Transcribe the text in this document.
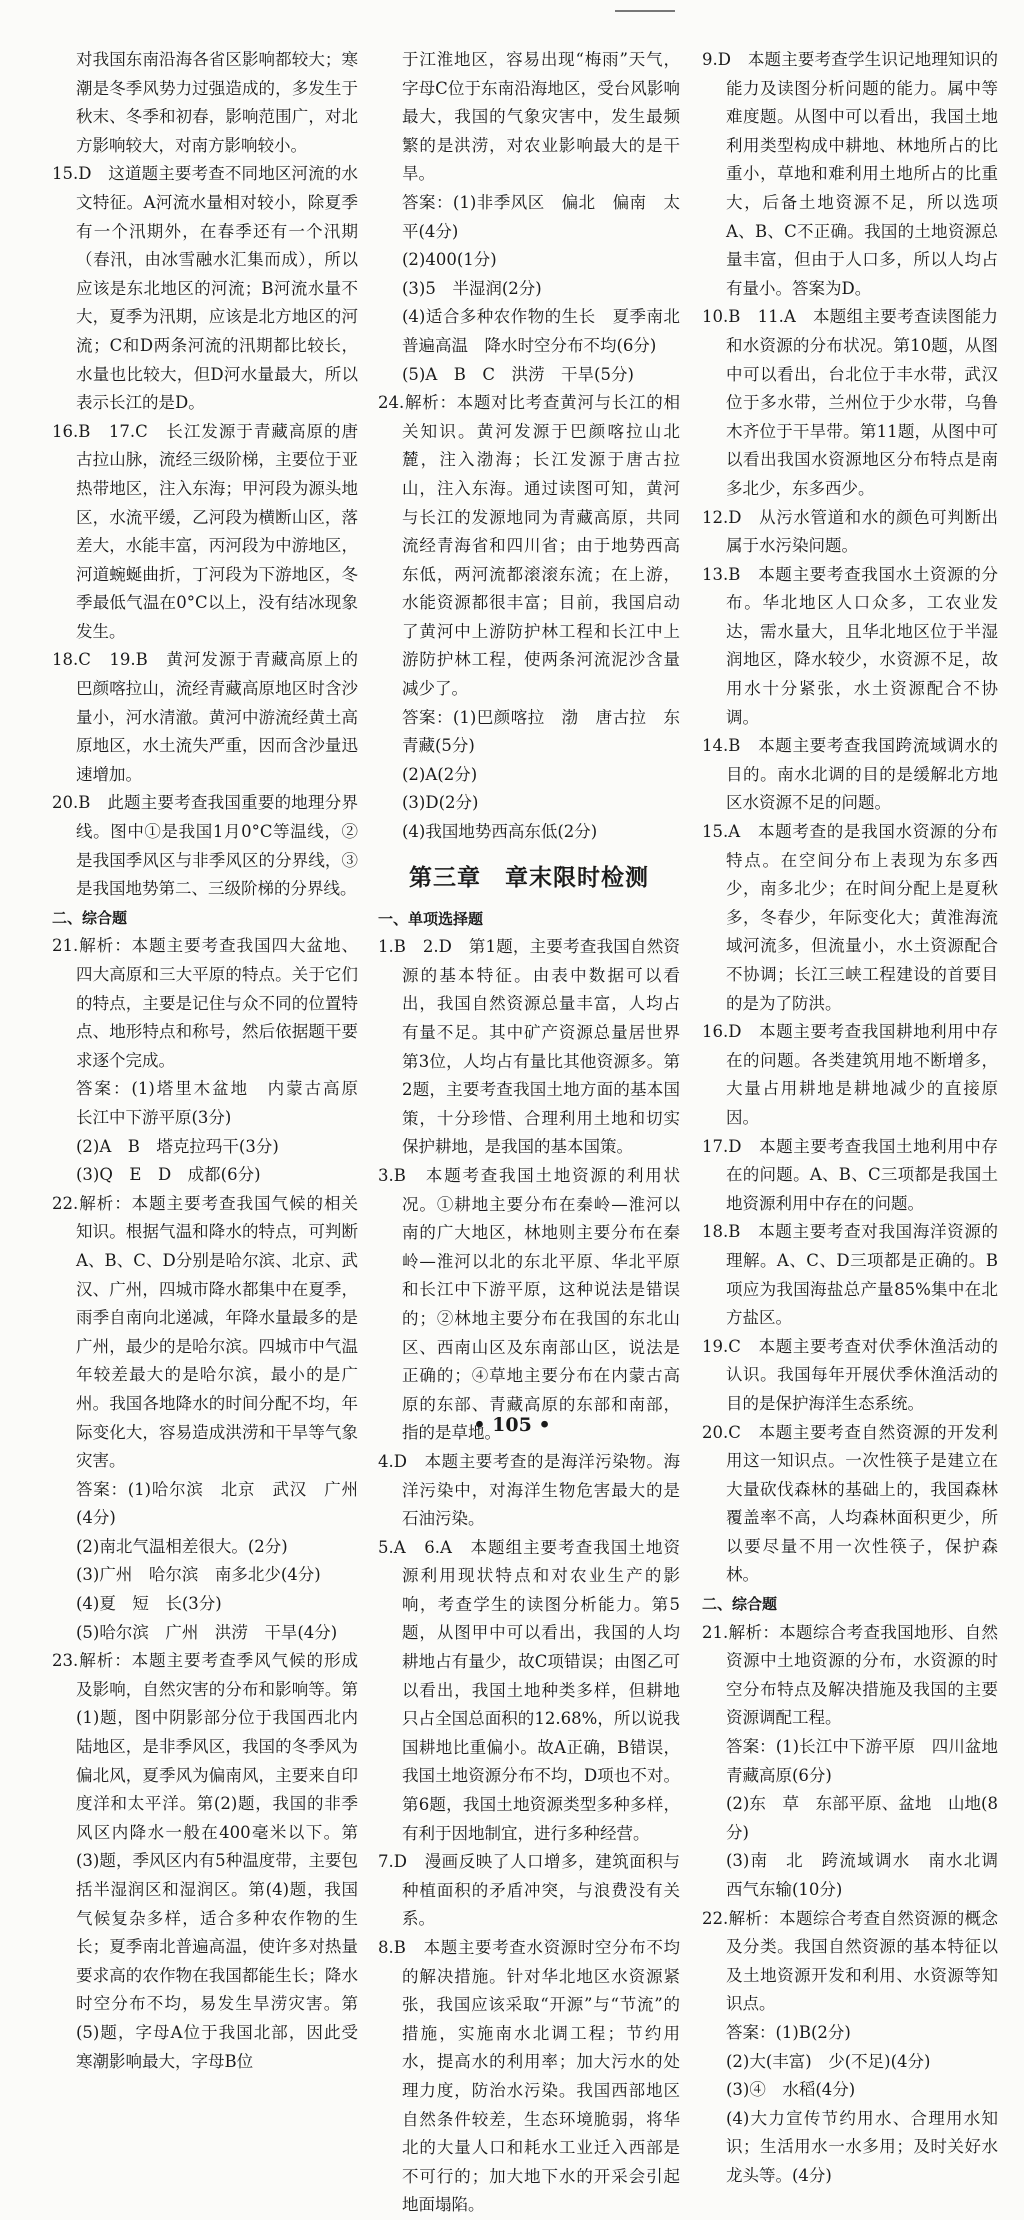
对我国东南沿海各省区影响都较大；寒潮是冬季风势力过强造成的，多发生于秋末、冬季和初春，影响范围广，对北方影响较大，对南方影响较小。
15.D　这道题主要考查不同地区河流的水文特征。A河流水量相对较小，除夏季有一个汛期外，在春季还有一个汛期（春汛，由冰雪融水汇集而成），所以应该是东北地区的河流；B河流水量不大，夏季为汛期，应该是北方地区的河流；C和D两条河流的汛期都比较长，水量也比较大，但D河水量最大，所以表示长江的是D。
16.B　17.C　长江发源于青藏高原的唐古拉山脉，流经三级阶梯，主要位于亚热带地区，注入东海；甲河段为源头地区，水流平缓，乙河段为横断山区，落差大，水能丰富，丙河段为中游地区，河道蜿蜒曲折，丁河段为下游地区，冬季最低气温在0°C以上，没有结冰现象发生。
18.C　19.B　黄河发源于青藏高原上的巴颜喀拉山，流经青藏高原地区时含沙量小，河水清澈。黄河中游流经黄土高原地区，水土流失严重，因而含沙量迅速增加。
20.B　此题主要考查我国重要的地理分界线。图中①是我国1月0°C等温线，②是我国季风区与非季风区的分界线，③是我国地势第二、三级阶梯的分界线。
二、综合题
21.解析：本题主要考查我国四大盆地、四大高原和三大平原的特点。关于它们的特点，主要是记住与众不同的位置特点、地形特点和称号，然后依据题干要求逐个完成。
答案：(1)塔里木盆地　内蒙古高原　长江中下游平原(3分)
(2)A　B　塔克拉玛干(3分)
(3)Q　E　D　成都(6分)
22.解析：本题主要考查我国气候的相关知识。根据气温和降水的特点，可判断A、B、C、D分别是哈尔滨、北京、武汉、广州，四城市降水都集中在夏季，雨季自南向北递减，年降水量最多的是广州，最少的是哈尔滨。四城市中气温年较差最大的是哈尔滨，最小的是广州。我国各地降水的时间分配不均，年际变化大，容易造成洪涝和干旱等气象灾害。
答案：(1)哈尔滨　北京　武汉　广州(4分)
(2)南北气温相差很大。(2分)
(3)广州　哈尔滨　南多北少(4分)
(4)夏　短　长(3分)
(5)哈尔滨　广州　洪涝　干旱(4分)
23.解析：本题主要考查季风气候的形成及影响，自然灾害的分布和影响等。第(1)题，图中阴影部分位于我国西北内陆地区，是非季风区，我国的冬季风为偏北风，夏季风为偏南风，主要来自印度洋和太平洋。第(2)题，我国的非季风区内降水一般在400毫米以下。第(3)题，季风区内有5种温度带，主要包括半湿润区和湿润区。第(4)题，我国气候复杂多样，适合多种农作物的生长；夏季南北普遍高温，使许多对热量要求高的农作物在我国都能生长；降水时空分布不均，易发生旱涝灾害。第(5)题，字母A位于我国北部，因此受寒潮影响最大，字母B位
于江淮地区，容易出现“梅雨”天气，字母C位于东南沿海地区，受台风影响最大，我国的气象灾害中，发生最频繁的是洪涝，对农业影响最大的是干旱。
答案：(1)非季风区　偏北　偏南　太平(4分)
(2)400(1分)
(3)5　半湿润(2分)
(4)适合多种农作物的生长　夏季南北普遍高温　降水时空分布不均(6分)
(5)A　B　C　洪涝　干旱(5分)
24.解析：本题对比考查黄河与长江的相关知识。黄河发源于巴颜喀拉山北麓，注入渤海；长江发源于唐古拉山，注入东海。通过读图可知，黄河与长江的发源地同为青藏高原，共同流经青海省和四川省；由于地势西高东低，两河流都滚滚东流；在上游，水能资源都很丰富；目前，我国启动了黄河中上游防护林工程和长江中上游防护林工程，使两条河流泥沙含量减少了。
答案：(1)巴颜喀拉　渤　唐古拉　东　青藏(5分)
(2)A(2分)
(3)D(2分)
(4)我国地势西高东低(2分)
第三章　章末限时检测
一、单项选择题
1.B　2.D　第1题，主要考查我国自然资源的基本特征。由表中数据可以看出，我国自然资源总量丰富，人均占有量不足。其中矿产资源总量居世界第3位，人均占有量比其他资源多。第2题，主要考查我国土地方面的基本国策，十分珍惜、合理利用土地和切实保护耕地，是我国的基本国策。
3.B　本题考查我国土地资源的利用状况。①耕地主要分布在秦岭—淮河以南的广大地区，林地则主要分布在秦岭—淮河以北的东北平原、华北平原和长江中下游平原，这种说法是错误的；②林地主要分布在我国的东北山区、西南山区及东南部山区，说法是正确的；④草地主要分布在内蒙古高原的东部、青藏高原的东部和南部，指的是草地。
4.D　本题主要考查的是海洋污染物。海洋污染中，对海洋生物危害最大的是石油污染。
5.A　6.A　本题组主要考查我国土地资源利用现状特点和对农业生产的影响，考查学生的读图分析能力。第5题，从图甲中可以看出，我国的人均耕地占有量少，故C项错误；由图乙可以看出，我国土地种类多样，但耕地只占全国总面积的12.68%，所以说我国耕地比重偏小。故A正确，B错误，我国土地资源分布不均，D项也不对。第6题，我国土地资源类型多种多样，有利于因地制宜，进行多种经营。
7.D　漫画反映了人口增多，建筑面积与种植面积的矛盾冲突，与浪费没有关系。
8.B　本题主要考查水资源时空分布不均的解决措施。针对华北地区水资源紧张，我国应该采取“开源”与“节流”的措施，实施南水北调工程；节约用水，提高水的利用率；加大污水的处理力度，防治水污染。我国西部地区自然条件较差，生态环境脆弱，将华北的大量人口和耗水工业迁入西部是不可行的；加大地下水的开采会引起地面塌陷。
9.D　本题主要考查学生识记地理知识的能力及读图分析问题的能力。属中等难度题。从图中可以看出，我国土地利用类型构成中耕地、林地所占的比重小，草地和难利用土地所占的比重大，后备土地资源不足，所以选项A、B、C不正确。我国的土地资源总量丰富，但由于人口多，所以人均占有量小。答案为D。
10.B　11.A　本题组主要考查读图能力和水资源的分布状况。第10题，从图中可以看出，台北位于丰水带，武汉位于多水带，兰州位于少水带，乌鲁木齐位于干旱带。第11题，从图中可以看出我国水资源地区分布特点是南多北少，东多西少。
12.D　从污水管道和水的颜色可判断出属于水污染问题。
13.B　本题主要考查我国水土资源的分布。华北地区人口众多，工农业发达，需水量大，且华北地区位于半湿润地区，降水较少，水资源不足，故用水十分紧张，水土资源配合不协调。
14.B　本题主要考查我国跨流域调水的目的。南水北调的目的是缓解北方地区水资源不足的问题。
15.A　本题考查的是我国水资源的分布特点。在空间分布上表现为东多西少，南多北少；在时间分配上是夏秋多，冬春少，年际变化大；黄淮海流域河流多，但流量小，水土资源配合不协调；长江三峡工程建设的首要目的是为了防洪。
16.D　本题主要考查我国耕地利用中存在的问题。各类建筑用地不断增多，大量占用耕地是耕地减少的直接原因。
17.D　本题主要考查我国土地利用中存在的问题。A、B、C三项都是我国土地资源利用中存在的问题。
18.B　本题主要考查对我国海洋资源的理解。A、C、D三项都是正确的。B项应为我国海盐总产量85%集中在北方盐区。
19.C　本题主要考查对伏季休渔活动的认识。我国每年开展伏季休渔活动的目的是保护海洋生态系统。
20.C　本题主要考查自然资源的开发利用这一知识点。一次性筷子是建立在大量砍伐森林的基础上的，我国森林覆盖率不高，人均森林面积更少，所以要尽量不用一次性筷子，保护森林。
二、综合题
21.解析：本题综合考查我国地形、自然资源中土地资源的分布，水资源的时空分布特点及解决措施及我国的主要资源调配工程。
答案：(1)长江中下游平原　四川盆地　青藏高原(6分)
(2)东　草　东部平原、盆地　山地(8分)
(3)南　北　跨流域调水　南水北调　西气东输(10分)
22.解析：本题综合考查自然资源的概念及分类。我国自然资源的基本特征以及土地资源开发和利用、水资源等知识点。
答案：(1)B(2分)
(2)大(丰富)　少(不足)(4分)
(3)④　水稻(4分)
(4)大力宣传节约用水、合理用水知识；生活用水一水多用；及时关好水龙头等。(4分)
• 105 •
